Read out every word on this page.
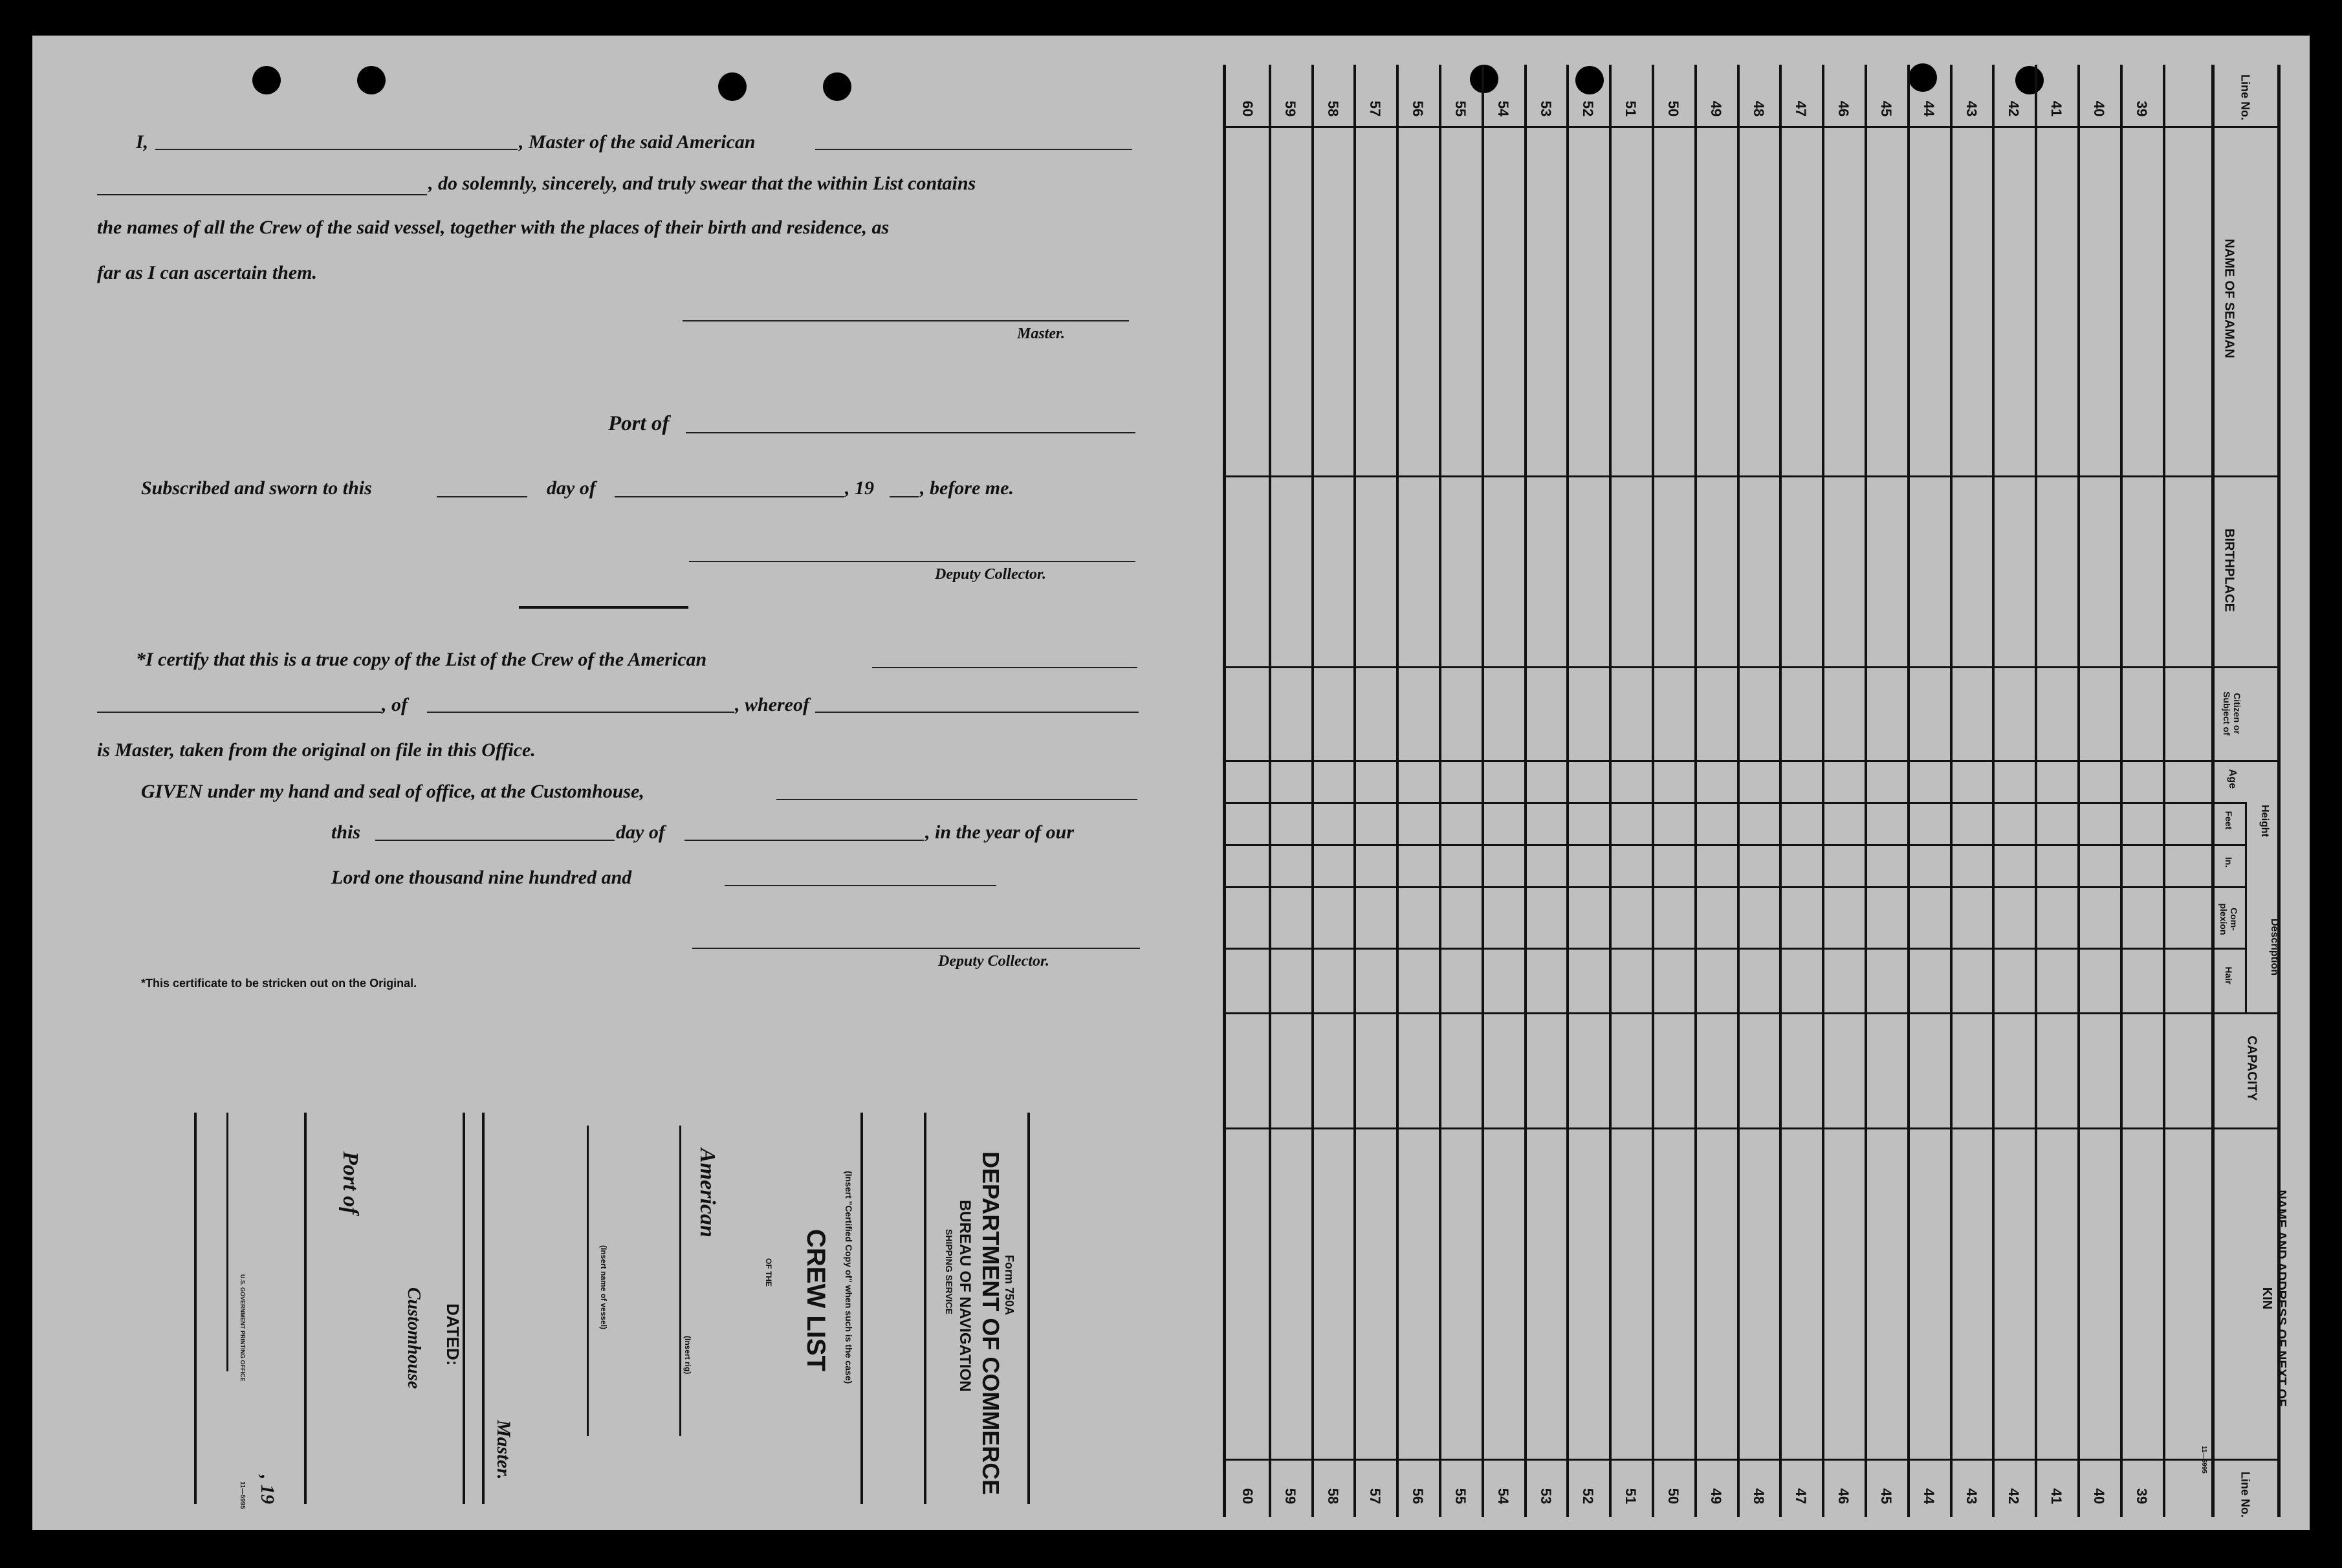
I,	, Master of the said American
, do solemnly, sincerely, and truly swear that the within List contains
the names of all the Crew of the said vessel, together with the places of their birth and residence, as
far as I can ascertain them.
Master.
Port of
Subscribed and sworn to this	day of	, 19 , before me.
Deputy Collector.
*I certify that this is a true copy of the List of the Crew of the American
, of	, whereof
is Master, taken from the original on file in this Office.
GIVEN under my hand and seal of office, at the Customhouse,
this	day of	, in the year of our
Lord one thousand nine hundred and
Deputy Collector.
*This certificate to be stricken out on the Original.
Form 750A
DEPARTMENT OF COMMERCE
BUREAU OF NAVIGATION
SHIPPING SERVICE
(Insert "Certified Copy of" when such is the case)
CREW LIST
OF THE
American
(Insert rig)
(Insert name of vessel)
Master.
DATED:
Customhouse
Port of
, 19
U.S. GOVERNMENT PRINTING OFFICE
11—5995
60 59 58 57 56 55 54 53 52 51 50 49 48 47 46 45 44 43 42 41 40 39
60 59 58 57 56 55 54 53 52 51 50 49 48 47 46 45 44 43 42 41 40 39
Line No.
Line No.
NAME OF SEAMAN
BIRTHPLACE
Citizen or Subject of
Age
Height
Feet
In.
Description
Com-plexion
Hair
CAPACITY
NAME AND ADDRESS OF NEXT OF KIN
11—5995
